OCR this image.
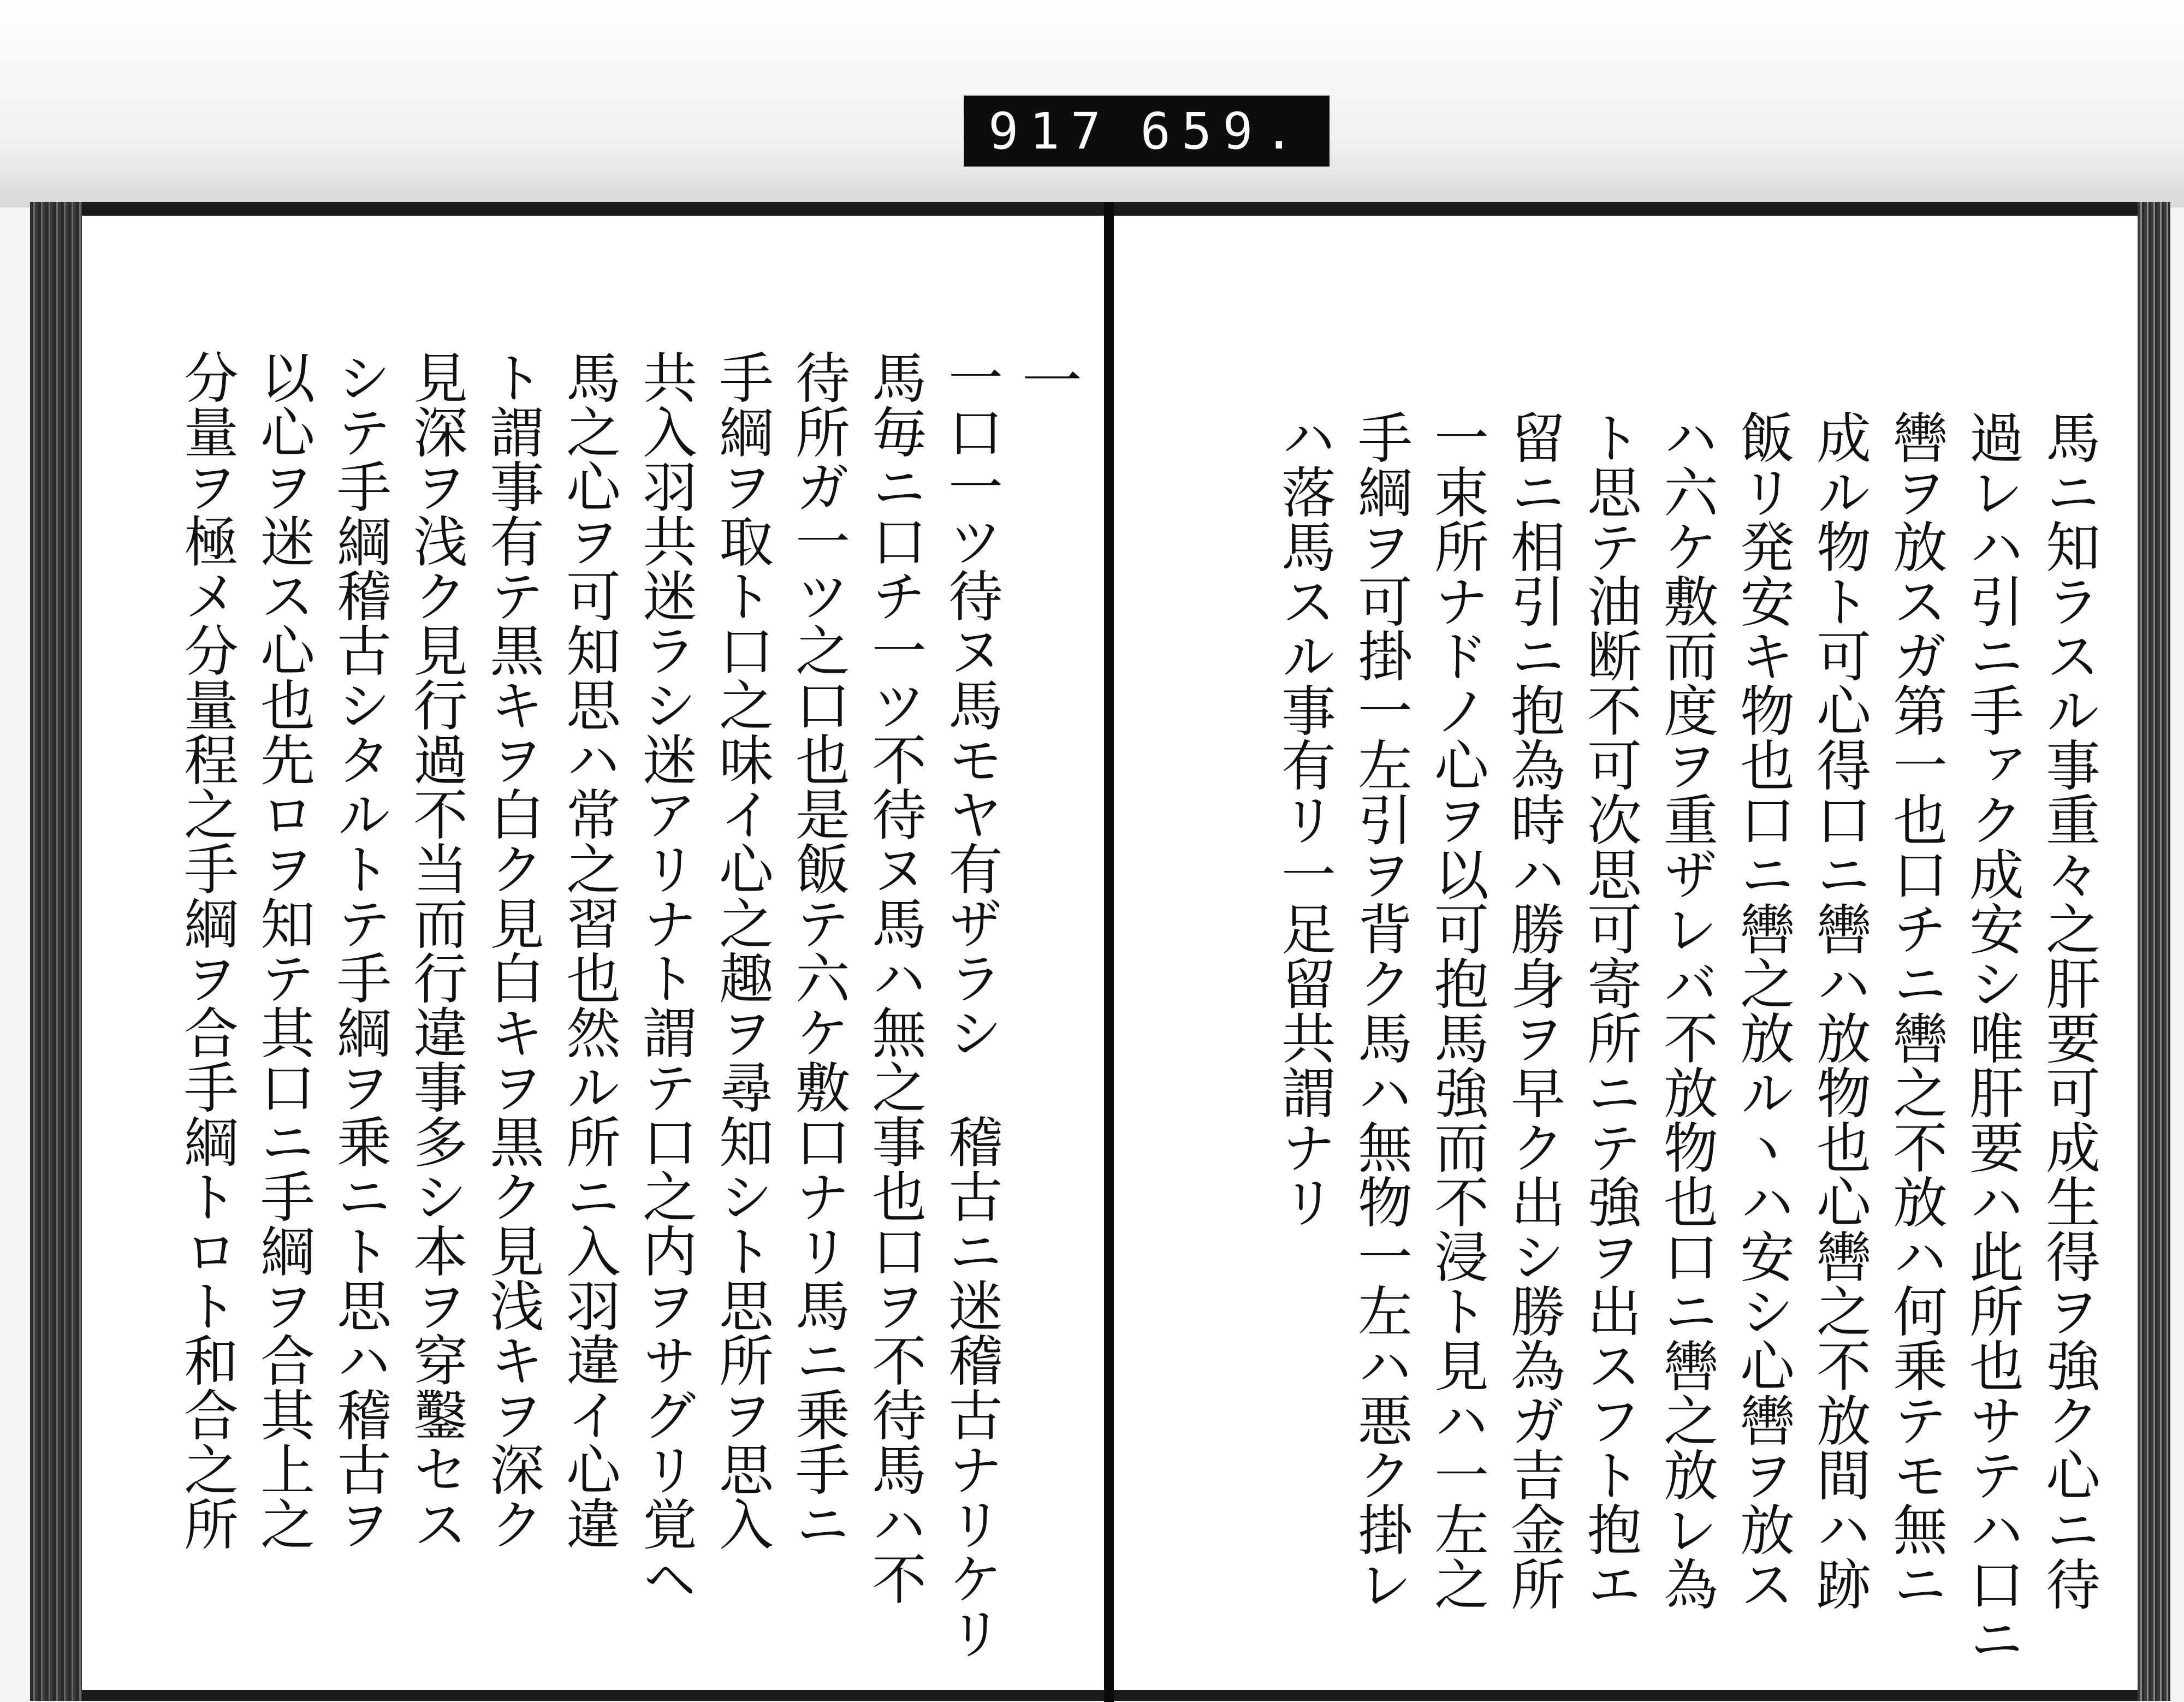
917 659.
一
一口一ツ待ヌ馬モヤ有ザラシ　稽古ニ迷稽古ナリケリ
馬毎ニ口チ一ツ不待ヌ馬ハ無之事也口ヲ不待馬ハ不
待所ガ一ツ之口也是飯テ六ケ敷口ナリ馬ニ乗手ニ
手綱ヲ取ト口之味イ心之趣ヲ尋知シト思所ヲ思入
共入羽共迷ラシ迷アリナト謂テ口之内ヲサグリ覚ヘ
馬之心ヲ可知思ハ常之習也然ル所ニ入羽違イ心違
ト謂事有テ黒キヲ白ク見白キヲ黒ク見浅キヲ深ク
見深ヲ浅ク見行過不当而行違事多シ本ヲ穿鑿セス
シテ手綱稽古シタルトテ手綱ヲ乗ニト思ハ稽古ヲ
以心ヲ迷ス心也先ロヲ知テ其口ニ手綱ヲ合其上之
分量ヲ極メ分量程之手綱ヲ合手綱トロト和合之所	馬ニ知ラスル事重々之肝要可成生得ヲ強ク心ニ待
過レハ引ニ手ァク成安シ唯肝要ハ此所也サテハ口ニ
轡ヲ放スガ第一也口チニ轡之不放ハ何乗テモ無ニ
成ル物ト可心得口ニ轡ハ放物也心轡之不放間ハ跡
飯リ発安キ物也口ニ轡之放ルヽハ安シ心轡ヲ放ス
ハ六ケ敷而度ヲ重ザレバ不放物也口ニ轡之放レ為
ト思テ油断不可次思可寄所ニテ強ヲ出スフト抱エ
留ニ相引ニ抱為時ハ勝身ヲ早ク出シ勝為ガ吉金所
一束所ナドノ心ヲ以可抱馬強而不浸ト見ハ一左之
手綱ヲ可掛一左引ヲ背ク馬ハ無物一左ハ悪ク掛レ
ハ落馬スル事有リ一足留共謂ナリ
